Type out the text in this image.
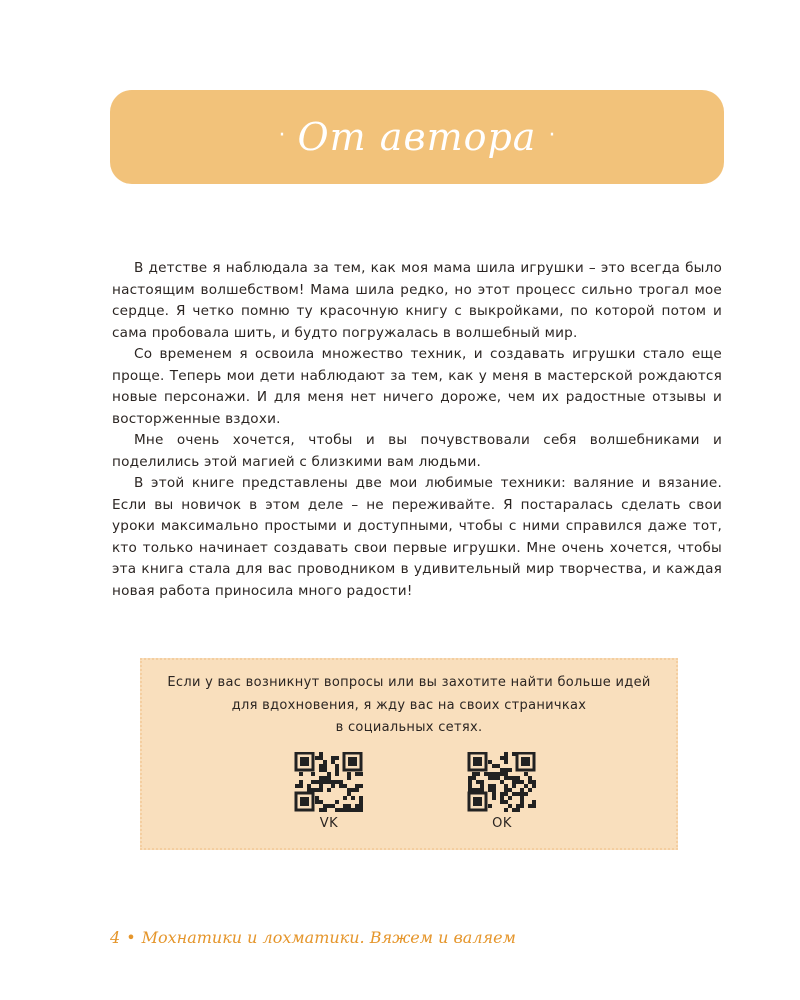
· От автора ·

В детстве я наблюдала за тем, как моя мама шила игрушки – это всегда было настоящим волшебством! Мама шила редко, но этот процесс сильно трогал мое сердце. Я четко помню ту красочную книгу с выкройками, по которой потом и сама пробовала шить, и будто погружалась в волшебный мир.

Со временем я освоила множество техник, и создавать игрушки стало еще проще. Теперь мои дети наблюдают за тем, как у меня в мастерской рождаются новые персонажи. И для меня нет ничего дороже, чем их радостные отзывы и восторженные вздохи.

Мне очень хочется, чтобы и вы почувствовали себя волшебниками и поделились этой магией с близкими вам людьми.

В этой книге представлены две мои любимые техники: валяние и вязание. Если вы новичок в этом деле – не переживайте. Я постаралась сделать свои уроки максимально простыми и доступными, чтобы с ними справился даже тот, кто только начинает создавать свои первые игрушки. Мне очень хочется, чтобы эта книга стала для вас проводником в удивительный мир творчества, и каждая новая работа приносила много радости!

Если у вас возникнут вопросы или вы захотите найти больше идей
для вдохновения, я жду вас на своих страничках
в социальных сетях.
VK	OK
4 • Мохнатики и лохматики. Вяжем и валяем
